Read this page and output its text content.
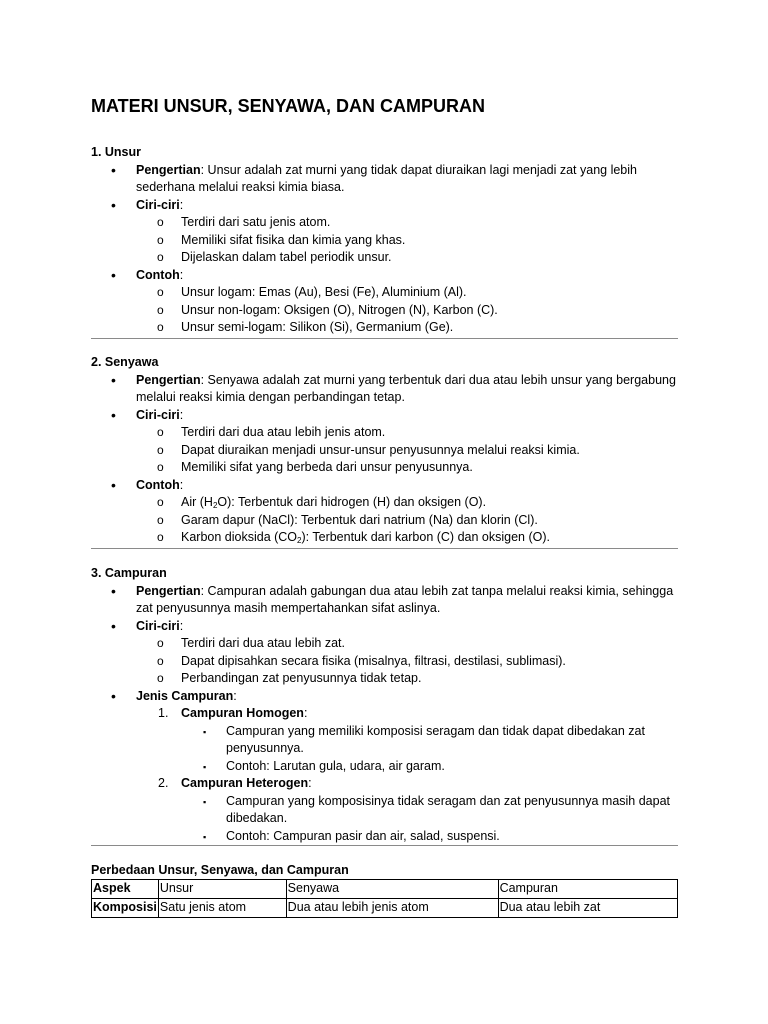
MATERI UNSUR, SENYAWA, DAN CAMPURAN
1. Unsur
• Pengertian: Unsur adalah zat murni yang tidak dapat diuraikan lagi menjadi zat yang lebih sederhana melalui reaksi kimia biasa.
• Ciri-ciri:
o Terdiri dari satu jenis atom.
o Memiliki sifat fisika dan kimia yang khas.
o Dijelaskan dalam tabel periodik unsur.
• Contoh:
o Unsur logam: Emas (Au), Besi (Fe), Aluminium (Al).
o Unsur non-logam: Oksigen (O), Nitrogen (N), Karbon (C).
o Unsur semi-logam: Silikon (Si), Germanium (Ge).
2. Senyawa
• Pengertian: Senyawa adalah zat murni yang terbentuk dari dua atau lebih unsur yang bergabung melalui reaksi kimia dengan perbandingan tetap.
• Ciri-ciri:
o Terdiri dari dua atau lebih jenis atom.
o Dapat diuraikan menjadi unsur-unsur penyusunnya melalui reaksi kimia.
o Memiliki sifat yang berbeda dari unsur penyusunnya.
• Contoh:
o Air $(H_2O)$: Terbentuk dari hidrogen (H) dan oksigen (O).
o Garam dapur (NaCl): Terbentuk dari natrium (Na) dan klorin (Cl).
o Karbon dioksida $(CO_2)$: Terbentuk dari karbon (C) dan oksigen (O).
3. Campuran
• Pengertian: Campuran adalah gabungan dua atau lebih zat tanpa melalui reaksi kimia, sehingga zat penyusunnya masih mempertahankan sifat aslinya.
• Ciri-ciri:
o Terdiri dari dua atau lebih zat.
o Dapat dipisahkan secara fisika (misalnya, filtrasi, destilasi, sublimasi).
o Perbandingan zat penyusunnya tidak tetap.
• Jenis Campuran:
1. Campuran Homogen:
▪ Campuran yang memiliki komposisi seragam dan tidak dapat dibedakan zat penyusunnya.
▪ Contoh: Larutan gula, udara, air garam.
2. Campuran Heterogen:
▪ Campuran yang komposisinya tidak seragam dan zat penyusunnya masih dapat dibedakan.
▪ Contoh: Campuran pasir dan air, salad, suspensi.
Perbedaan Unsur, Senyawa, dan Campuran
Aspek	Unsur	Senyawa	Campuran
Komposisi	Satu jenis atom	Dua atau lebih jenis atom	Dua atau lebih zat
